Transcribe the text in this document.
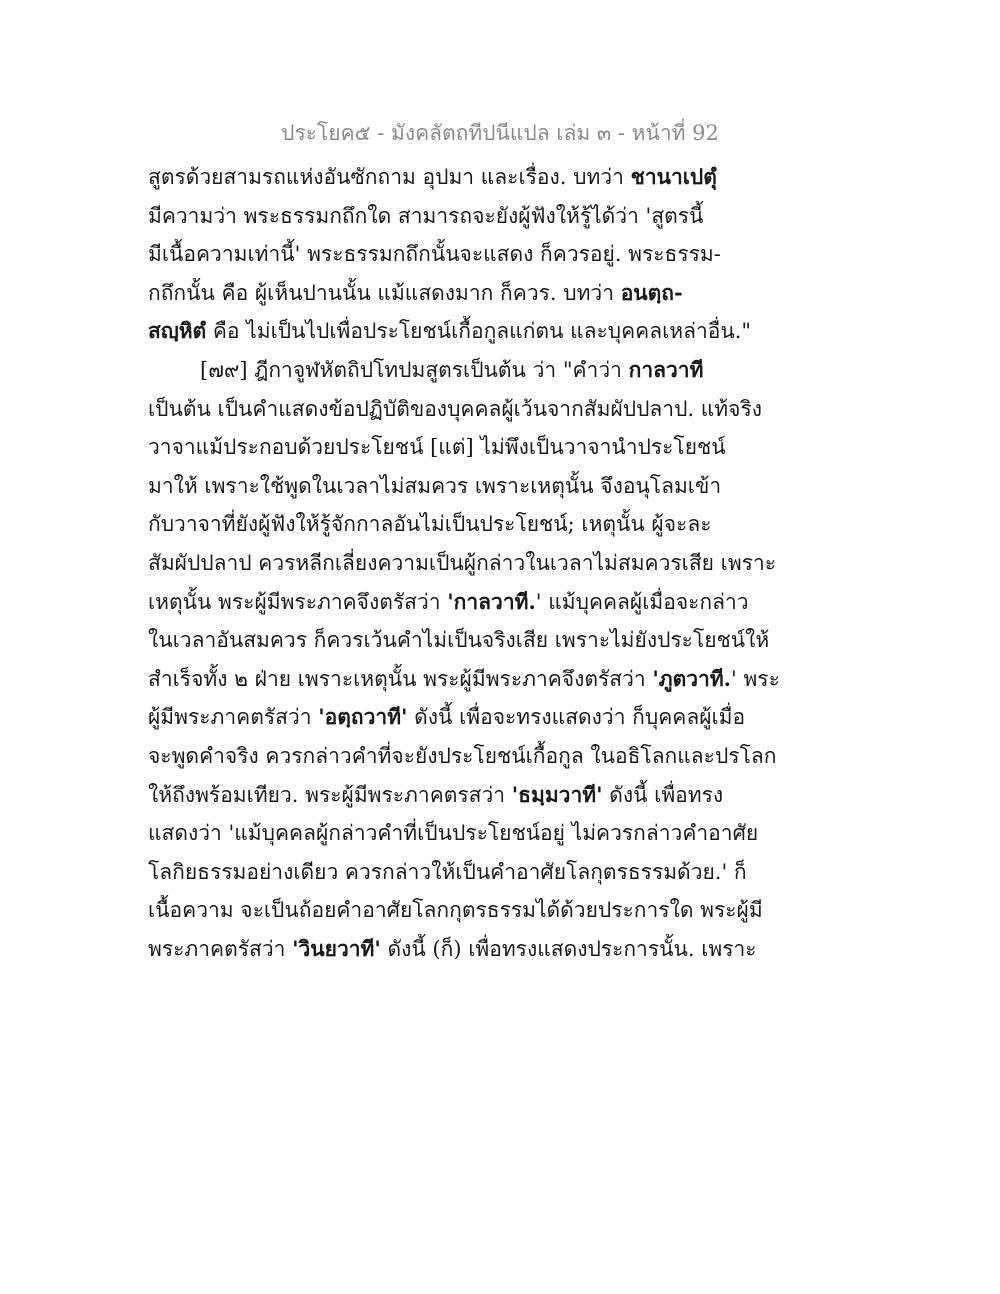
ประโยค๕ - มังคลัตถทีปนีแปล เล่ม ๓ - หน้าที่ 92
สูตรด้วยสามรถแห่งอันซักถาม อุปมา และเรื่อง. บทว่า ชานาเปตุํ
มีความว่า พระธรรมกถึกใด สามารถจะยังผู้ฟังให้รู้ได้ว่า 'สูตรนี้
มีเนื้อความเท่านี้' พระธรรมกถึกนั้นจะแสดง ก็ควรอยู่. พระธรรม-
กถึกนั้น คือ ผู้เห็นปานนั้น แม้แสดงมาก ก็ควร. บทว่า อนตฺถ-
สญฺหิตํ คือ ไม่เป็นไปเพื่อประโยชน์เกื้อกูลแก่ตน และบุคคลเหล่าอื่น."
[๗๙] ฎีกาจูฬหัตถิปโทปมสูตรเป็นต้น ว่า "คำว่า กาลวาที
เป็นต้น เป็นคำแสดงข้อปฏิบัติของบุคคลผู้เว้นจากสัมผัปปลาป. แท้จริง
วาจาแม้ประกอบด้วยประโยชน์ [แต่] ไม่พึงเป็นวาจานำประโยชน์
มาให้ เพราะใช้พูดในเวลาไม่สมควร เพราะเหตุนั้น จึงอนุโลมเข้า
กับวาจาที่ยังผู้ฟังให้รู้จักกาลอันไม่เป็นประโยชน์; เหตุนั้น ผู้จะละ
สัมผัปปลาป ควรหลีกเลี่ยงความเป็นผู้กล่าวในเวลาไม่สมควรเสีย เพราะ
เหตุนั้น พระผู้มีพระภาคจึงตรัสว่า 'กาลวาที.' แม้บุคคลผู้เมื่อจะกล่าว
ในเวลาอันสมควร ก็ควรเว้นคำไม่เป็นจริงเสีย เพราะไม่ยังประโยชน์ให้
สำเร็จทั้ง ๒ ฝ่าย เพราะเหตุนั้น พระผู้มีพระภาคจึงตรัสว่า 'ภูตวาที.' พระ
ผู้มีพระภาคตรัสว่า 'อตฺถวาที' ดังนี้ เพื่อจะทรงแสดงว่า ก็บุคคลผู้เมื่อ
จะพูดคำจริง ควรกล่าวคำที่จะยังประโยชน์เกื้อกูล ในอธิโลกและปรโลก
ให้ถึงพร้อมเทียว. พระผู้มีพระภาคตรสว่า 'ธมฺมวาที' ดังนี้ เพื่อทรง
แสดงว่า 'แม้บุคคลผู้กล่าวคำที่เป็นประโยชน์อยู่ ไม่ควรกล่าวคำอาศัย
โลกิยธรรมอย่างเดียว ควรกล่าวให้เป็นคำอาศัยโลกุตรธรรมด้วย.' ก็
เนื้อความ จะเป็นถ้อยคำอาศัยโลกกุตรธรรมได้ด้วยประการใด พระผู้มี
พระภาคตรัสว่า 'วินยวาที' ดังนี้ (ก็) เพื่อทรงแสดงประการนั้น. เพราะ
